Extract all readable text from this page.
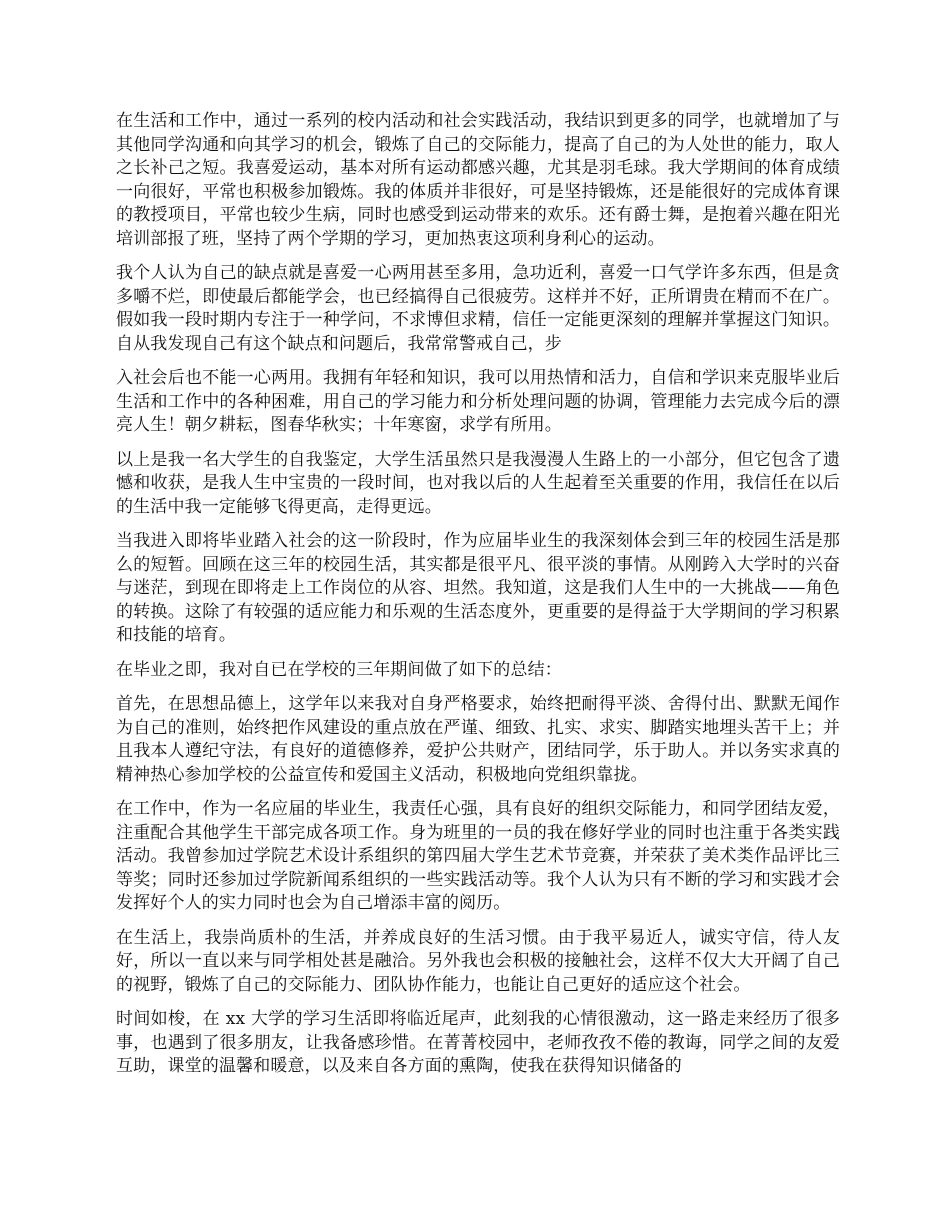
在生活和工作中，通过一系列的校内活动和社会实践活动，我结识到更多的同学，也就增加了与其他同学沟通和向其学习的机会，锻炼了自己的交际能力，提高了自己的为人处世的能力，取人之长补己之短。我喜爱运动，基本对所有运动都感兴趣，尤其是羽毛球。我大学期间的体育成绩一向很好，平常也积极参加锻炼。我的体质并非很好，可是坚持锻炼，还是能很好的完成体育课的教授项目，平常也较少生病，同时也感受到运动带来的欢乐。还有爵士舞，是抱着兴趣在阳光培训部报了班，坚持了两个学期的学习，更加热衷这项利身利心的运动。

我个人认为自己的缺点就是喜爱一心两用甚至多用，急功近利，喜爱一口气学许多东西，但是贪多嚼不烂，即使最后都能学会，也已经搞得自己很疲劳。这样并不好，正所谓贵在精而不在广。假如我一段时期内专注于一种学问，不求博但求精，信任一定能更深刻的理解并掌握这门知识。自从我发现自己有这个缺点和问题后，我常常警戒自己，步

入社会后也不能一心两用。我拥有年轻和知识，我可以用热情和活力，自信和学识来克服毕业后生活和工作中的各种困难，用自己的学习能力和分析处理问题的协调，管理能力去完成今后的漂亮人生！朝夕耕耘，图春华秋实；十年寒窗，求学有所用。

以上是我一名大学生的自我鉴定，大学生活虽然只是我漫漫人生路上的一小部分，但它包含了遗憾和收获，是我人生中宝贵的一段时间，也对我以后的人生起着至关重要的作用，我信任在以后的生活中我一定能够飞得更高，走得更远。

当我进入即将毕业踏入社会的这一阶段时，作为应届毕业生的我深刻体会到三年的校园生活是那么的短暂。回顾在这三年的校园生活，其实都是很平凡、很平淡的事情。从刚跨入大学时的兴奋与迷茫，到现在即将走上工作岗位的从容、坦然。我知道，这是我们人生中的一大挑战——角色的转换。这除了有较强的适应能力和乐观的生活态度外，更重要的是得益于大学期间的学习积累和技能的培育。

在毕业之即，我对自已在学校的三年期间做了如下的总结：

首先，在思想品德上，这学年以来我对自身严格要求，始终把耐得平淡、舍得付出、默默无闻作为自己的准则，始终把作风建设的重点放在严谨、细致、扎实、求实、脚踏实地埋头苦干上；并且我本人遵纪守法，有良好的道德修养，爱护公共财产，团结同学，乐于助人。并以务实求真的精神热心参加学校的公益宣传和爱国主义活动，积极地向党组织靠拢。

在工作中，作为一名应届的毕业生，我责任心强，具有良好的组织交际能力，和同学团结友爱，注重配合其他学生干部完成各项工作。身为班里的一员的我在修好学业的同时也注重于各类实践活动。我曾参加过学院艺术设计系组织的第四届大学生艺术节竞赛，并荣获了美术类作品评比三等奖；同时还参加过学院新闻系组织的一些实践活动等。我个人认为只有不断的学习和实践才会发挥好个人的实力同时也会为自己增添丰富的阅历。

在生活上，我崇尚质朴的生活，并养成良好的生活习惯。由于我平易近人，诚实守信，待人友好，所以一直以来与同学相处甚是融洽。另外我也会积极的接触社会，这样不仅大大开阔了自己的视野，锻炼了自己的交际能力、团队协作能力，也能让自己更好的适应这个社会。

时间如梭，在 xx 大学的学习生活即将临近尾声，此刻我的心情很激动，这一路走来经历了很多事，也遇到了很多朋友，让我备感珍惜。在菁菁校园中，老师孜孜不倦的教诲，同学之间的友爱互助，课堂的温馨和暖意，以及来自各方面的熏陶，使我在获得知识储备的
